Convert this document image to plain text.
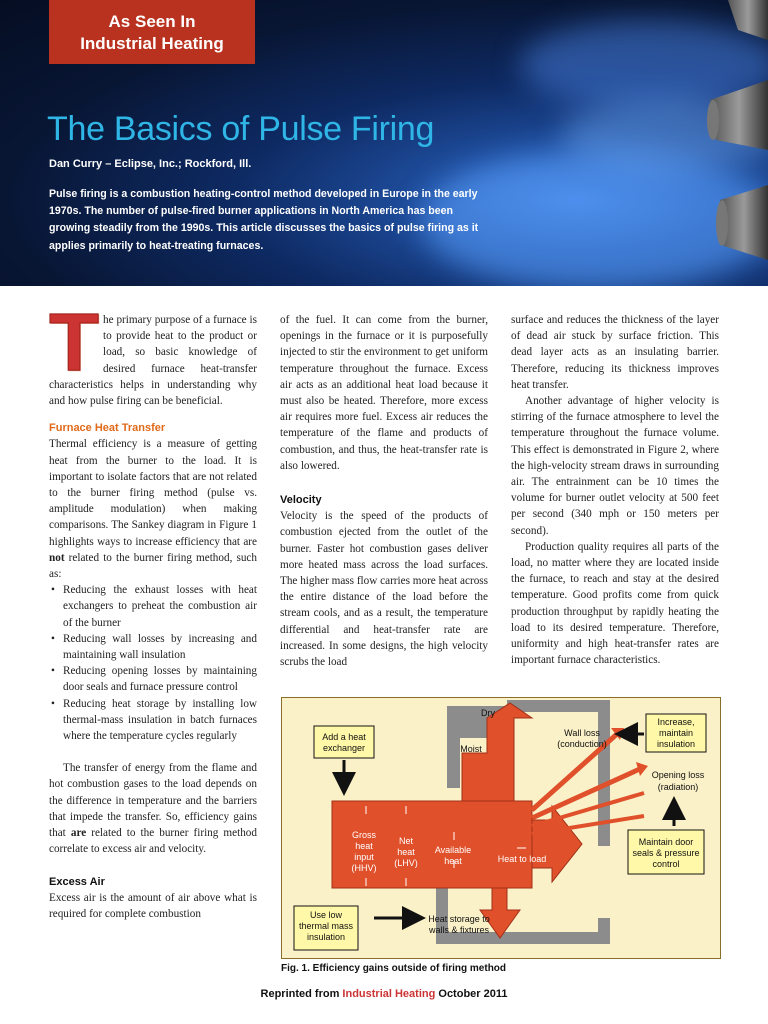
As Seen In
Industrial Heating
The Basics of Pulse Firing
Dan Curry – Eclipse, Inc.; Rockford, Ill.
Pulse firing is a combustion heating-control method developed in Europe in the early 1970s. The number of pulse-fired burner applications in North America has been growing steadily from the 1990s. This article discusses the basics of pulse firing as it applies primarily to heat-treating furnaces.
T he primary purpose of a furnace is to provide heat to the product or load, so basic knowledge of desired furnace heat-transfer characteristics helps in understanding why and how pulse firing can be beneficial.

Furnace Heat Transfer

Thermal efficiency is a measure of getting heat from the burner to the load. It is important to isolate factors that are not related to the burner firing method (pulse vs. amplitude modulation) when making comparisons. The Sankey diagram in Figure 1 highlights ways to increase efficiency that are not related to the burner firing method, such as:

• Reducing the exhaust losses with heat exchangers to preheat the combustion air of the burner
• Reducing wall losses by increasing and maintaining wall insulation
• Reducing opening losses by maintaining door seals and furnace pressure control
• Reducing heat storage by installing low thermal-mass insulation in batch furnaces where the temperature cycles regularly

The transfer of energy from the flame and hot combustion gases to the load depends on the difference in temperature and the barriers that impede the transfer. So, efficiency gains that are related to the burner firing method correlate to excess air and velocity.

Excess Air

Excess air is the amount of air above what is required for complete combustion

of the fuel. It can come from the burner, openings in the furnace or it is purposefully injected to stir the environment to get uniform temperature throughout the furnace. Excess air acts as an additional heat load because it must also be heated. Therefore, more excess air requires more fuel. Excess air reduces the temperature of the flame and products of combustion, and thus, the heat-transfer rate is also lowered.

Velocity

Velocity is the speed of the products of combustion ejected from the outlet of the burner. Faster hot combustion gases deliver more heated mass across the load surfaces. The higher mass flow carries more heat across the entire distance of the load before the stream cools, and as a result, the temperature differential and heat-transfer rate are increased. In some designs, the high velocity scrubs the load

surface and reduces the thickness of the layer of dead air stuck by surface friction. This dead layer acts as an insulating barrier. Therefore, reducing its thickness improves heat transfer.

Another advantage of higher velocity is stirring of the furnace atmosphere to level the temperature throughout the furnace volume. This effect is demonstrated in Figure 2, where the high-velocity stream draws in surrounding air. The entrainment can be 10 times the volume for burner outlet velocity at 500 feet per second (340 mph or 150 meters per second).

Production quality requires all parts of the load, no matter where they are located inside the furnace, to reach and stay at the desired temperature. Good profits come from quick production throughput by rapidly heating the load to its desired temperature. Therefore, uniformity and high heat-transfer rates are important furnace characteristics.

Add a heat
exchanger
Dry
Moist
Wall loss
(conduction)
Increase,
maintain
insulation
Opening loss
(radiation)
Maintain door
seals & pressure
control
Gross
heat
input
(HHV)
Net
heat
(LHV)
Available
heat	Heat to load
Use low
thermal mass
insulation
Heat storage to
walls & fixtures
Fig. 1. Efficiency gains outside of firing method
Reprinted from Industrial Heating October 2011
